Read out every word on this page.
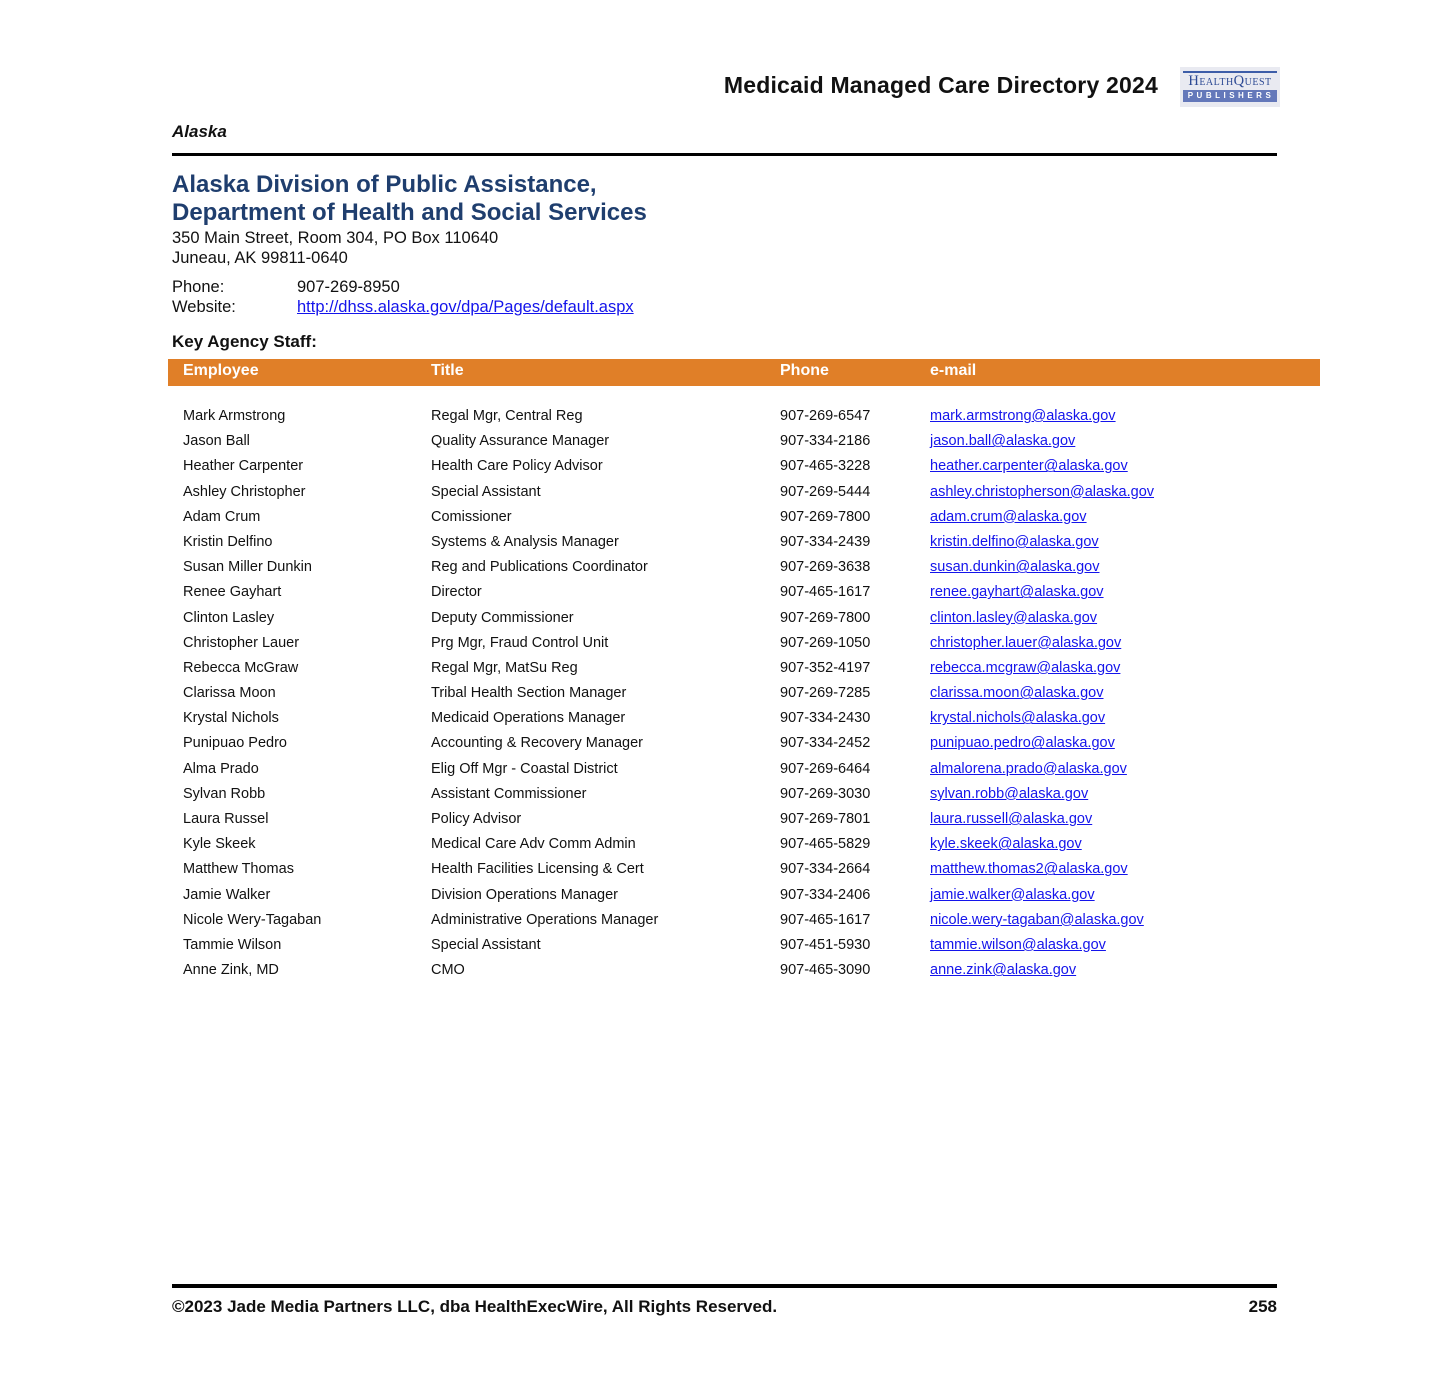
Medicaid Managed Care Directory 2024	HealthQuest
PUBLISHERS
Alaska
Alaska Division of Public Assistance,
Department of Health and Social Services
350 Main Street, Room 304, PO Box 110640
Juneau, AK 99811-0640
Phone:	907-269-8950
Website:	http://dhss.alaska.gov/dpa/Pages/default.aspx
Key Agency Staff:
Employee	Title	Phone	e-mail
Mark Armstrong	Regal Mgr, Central Reg	907-269-6547	mark.armstrong@alaska.gov
Jason Ball	Quality Assurance Manager	907-334-2186	jason.ball@alaska.gov
Heather Carpenter	Health Care Policy Advisor	907-465-3228	heather.carpenter@alaska.gov
Ashley Christopher	Special Assistant	907-269-5444	ashley.christopherson@alaska.gov
Adam Crum	Comissioner	907-269-7800	adam.crum@alaska.gov
Kristin Delfino	Systems & Analysis Manager	907-334-2439	kristin.delfino@alaska.gov
Susan Miller Dunkin	Reg and Publications Coordinator	907-269-3638	susan.dunkin@alaska.gov
Renee Gayhart	Director	907-465-1617	renee.gayhart@alaska.gov
Clinton Lasley	Deputy Commissioner	907-269-7800	clinton.lasley@alaska.gov
Christopher Lauer	Prg Mgr, Fraud Control Unit	907-269-1050	christopher.lauer@alaska.gov
Rebecca McGraw	Regal Mgr, MatSu Reg	907-352-4197	rebecca.mcgraw@alaska.gov
Clarissa Moon	Tribal Health Section Manager	907-269-7285	clarissa.moon@alaska.gov
Krystal Nichols	Medicaid Operations Manager	907-334-2430	krystal.nichols@alaska.gov
Punipuao Pedro	Accounting & Recovery Manager	907-334-2452	punipuao.pedro@alaska.gov
Alma Prado	Elig Off Mgr - Coastal District	907-269-6464	almalorena.prado@alaska.gov
Sylvan Robb	Assistant Commissioner	907-269-3030	sylvan.robb@alaska.gov
Laura Russel	Policy Advisor	907-269-7801	laura.russell@alaska.gov
Kyle Skeek	Medical Care Adv Comm Admin	907-465-5829	kyle.skeek@alaska.gov
Matthew Thomas	Health Facilities Licensing & Cert	907-334-2664	matthew.thomas2@alaska.gov
Jamie Walker	Division Operations Manager	907-334-2406	jamie.walker@alaska.gov
Nicole Wery-Tagaban	Administrative Operations Manager	907-465-1617	nicole.wery-tagaban@alaska.gov
Tammie Wilson	Special Assistant	907-451-5930	tammie.wilson@alaska.gov
Anne Zink, MD	CMO	907-465-3090	anne.zink@alaska.gov
©2023 Jade Media Partners LLC, dba HealthExecWire, All Rights Reserved.	258
